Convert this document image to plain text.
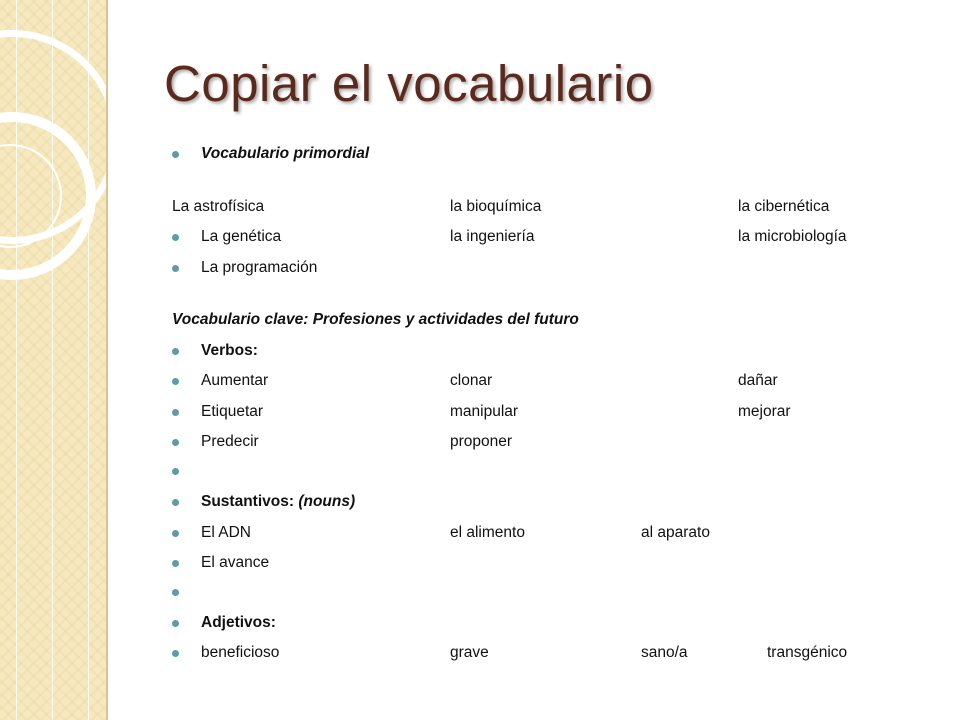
Copiar el vocabulario
Vocabulario primordial
La astrofísica	la bioquímica	la cibernética
La genética	la ingeniería	la microbiología
La programación
Vocabulario clave: Profesiones y actividades del futuro
Verbos:
Aumentar	clonar	dañar
Etiquetar	manipular	mejorar
Predecir	proponer
Sustantivos: (nouns)
El ADN	el alimento	al aparato
El avance
Adjetivos:
beneficioso	grave	sano/a	transgénico
